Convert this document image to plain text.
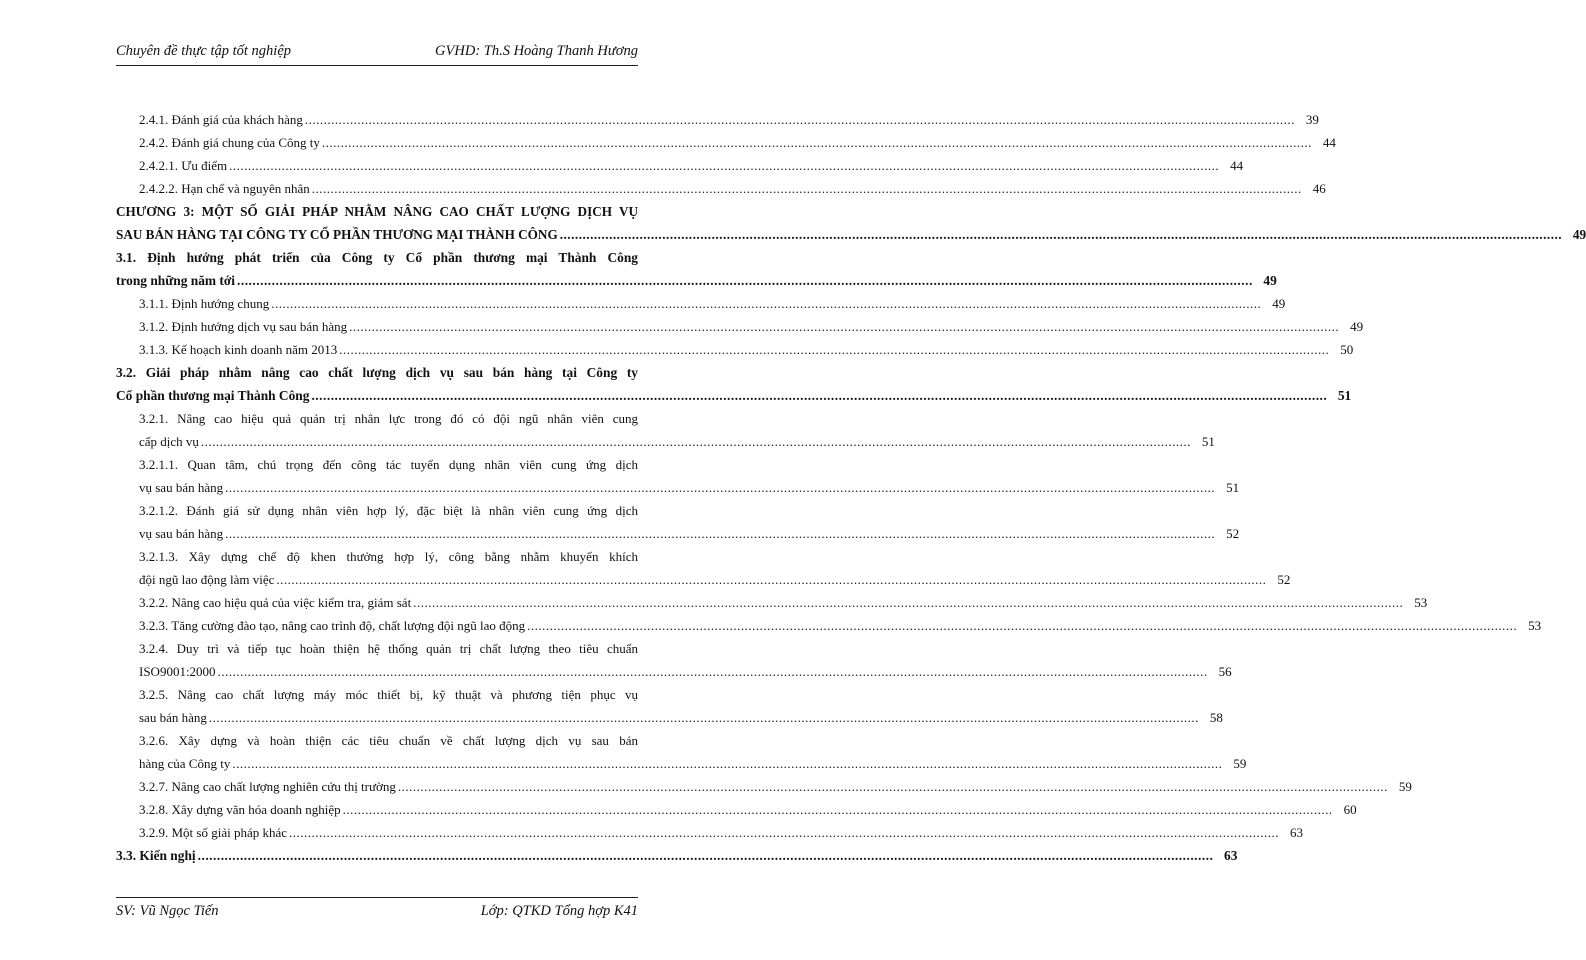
Chuyên đề thực tập tốt nghiệp	GVHD: Th.S Hoàng Thanh Hương
2.4.1. Đánh giá của khách hàng ........................................................................................................................................................................................................................................................................ 39
2.4.2. Đánh giá chung của Công ty ........................................................................................................................................................................................................................................................................ 44
2.4.2.1. Ưu điểm ........................................................................................................................................................................................................................................................................ 44
2.4.2.2. Hạn chế và nguyên nhân ........................................................................................................................................................................................................................................................................ 46
CHƯƠNG 3: MỘT SỐ GIẢI PHÁP NHẰM NÂNG CAO CHẤT LƯỢNG DỊCH VỤ
SAU BÁN HÀNG TẠI CÔNG TY CỔ PHẦN THƯƠNG MẠI THÀNH CÔNG ........................................................................................................................................................................................................................................................................ 49
3.1. Định hướng phát triển của Công ty Cổ phần thương mại Thành Công
trong những năm tới ........................................................................................................................................................................................................................................................................ 49
3.1.1. Định hướng chung ........................................................................................................................................................................................................................................................................ 49
3.1.2. Định hướng dịch vụ sau bán hàng ........................................................................................................................................................................................................................................................................ 49
3.1.3. Kế hoạch kinh doanh năm 2013 ........................................................................................................................................................................................................................................................................ 50
3.2. Giải pháp nhằm nâng cao chất lượng dịch vụ sau bán hàng tại Công ty
Cổ phần thương mại Thành Công ........................................................................................................................................................................................................................................................................ 51
3.2.1. Nâng cao hiệu quả quản trị nhân lực trong đó có đội ngũ nhân viên cung
cấp dịch vụ ........................................................................................................................................................................................................................................................................ 51
3.2.1.1. Quan tâm, chú trọng đến công tác tuyển dụng nhân viên cung ứng dịch
vụ sau bán hàng ........................................................................................................................................................................................................................................................................ 51
3.2.1.2. Đánh giá sử dụng nhân viên hợp lý, đặc biệt là nhân viên cung ứng dịch
vụ sau bán hàng ........................................................................................................................................................................................................................................................................ 52
3.2.1.3. Xây dựng chế độ khen thưởng hợp lý, công bằng nhằm khuyến khích
đội ngũ lao động làm việc ........................................................................................................................................................................................................................................................................ 52
3.2.2. Nâng cao hiệu quả của việc kiểm tra, giám sát ........................................................................................................................................................................................................................................................................ 53
3.2.3. Tăng cường đào tạo, nâng cao trình độ, chất lượng đội ngũ lao động ........................................................................................................................................................................................................................................................................ 53
3.2.4. Duy trì và tiếp tục hoàn thiện hệ thống quản trị chất lượng theo tiêu chuẩn
ISO9001:2000 ........................................................................................................................................................................................................................................................................ 56
3.2.5. Nâng cao chất lượng máy móc thiết bị, kỹ thuật và phương tiện phục vụ
sau bán hàng ........................................................................................................................................................................................................................................................................ 58
3.2.6. Xây dựng và hoàn thiện các tiêu chuẩn về chất lượng dịch vụ sau bán
hàng của Công ty ........................................................................................................................................................................................................................................................................ 59
3.2.7. Nâng cao chất lượng nghiên cứu thị trường ........................................................................................................................................................................................................................................................................ 59
3.2.8. Xây dựng văn hóa doanh nghiệp ........................................................................................................................................................................................................................................................................ 60
3.2.9. Một số giải pháp khác ........................................................................................................................................................................................................................................................................ 63
3.3. Kiến nghị ........................................................................................................................................................................................................................................................................ 63
SV: Vũ Ngọc Tiến	Lớp: QTKD Tổng hợp K41
